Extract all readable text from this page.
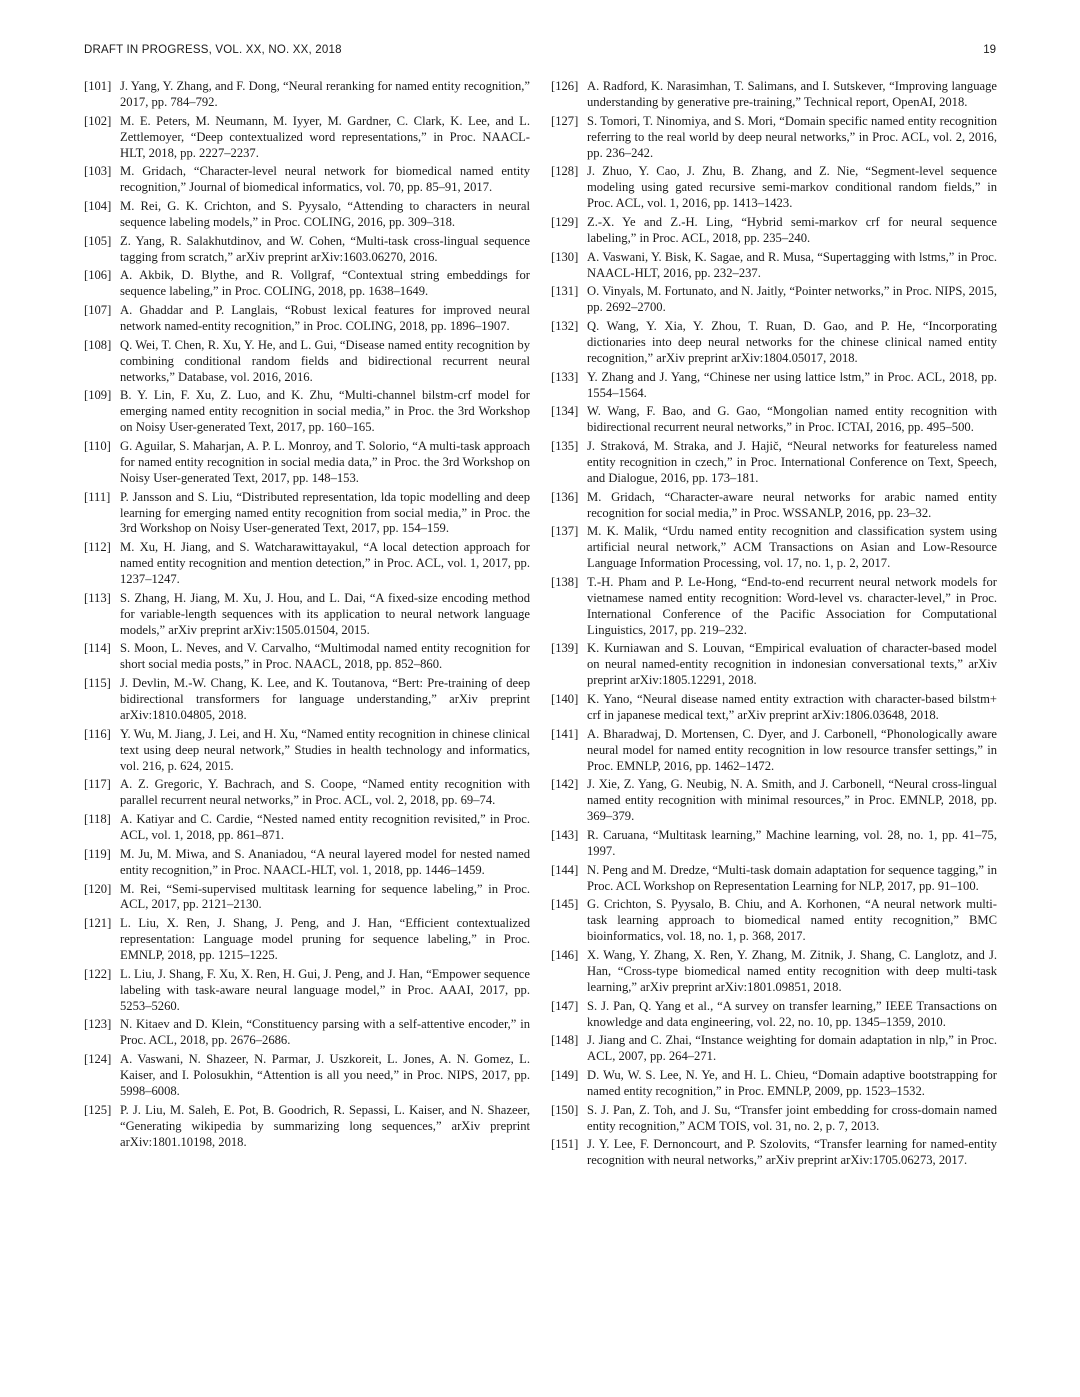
DRAFT IN PROGRESS, VOL. XX, NO. XX, 2018	19
[101] J. Yang, Y. Zhang, and F. Dong, “Neural reranking for named entity recognition,” 2017, pp. 784–792.
[102] M. E. Peters, M. Neumann, M. Iyyer, M. Gardner, C. Clark, K. Lee, and L. Zettlemoyer, “Deep contextualized word representations,” in Proc. NAACL-HLT, 2018, pp. 2227–2237.
[103] M. Gridach, “Character-level neural network for biomedical named entity recognition,” Journal of biomedical informatics, vol. 70, pp. 85–91, 2017.
[104] M. Rei, G. K. Crichton, and S. Pyysalo, “Attending to characters in neural sequence labeling models,” in Proc. COLING, 2016, pp. 309–318.
[105] Z. Yang, R. Salakhutdinov, and W. Cohen, “Multi-task cross-lingual sequence tagging from scratch,” arXiv preprint arXiv:1603.06270, 2016.
[106] A. Akbik, D. Blythe, and R. Vollgraf, “Contextual string embeddings for sequence labeling,” in Proc. COLING, 2018, pp. 1638–1649.
[107] A. Ghaddar and P. Langlais, “Robust lexical features for improved neural network named-entity recognition,” in Proc. COLING, 2018, pp. 1896–1907.
[108] Q. Wei, T. Chen, R. Xu, Y. He, and L. Gui, “Disease named entity recognition by combining conditional random fields and bidirectional recurrent neural networks,” Database, vol. 2016, 2016.
[109] B. Y. Lin, F. Xu, Z. Luo, and K. Zhu, “Multi-channel bilstm-crf model for emerging named entity recognition in social media,” in Proc. the 3rd Workshop on Noisy User-generated Text, 2017, pp. 160–165.
[110] G. Aguilar, S. Maharjan, A. P. L. Monroy, and T. Solorio, “A multi-task approach for named entity recognition in social media data,” in Proc. the 3rd Workshop on Noisy User-generated Text, 2017, pp. 148–153.
[111] P. Jansson and S. Liu, “Distributed representation, lda topic modelling and deep learning for emerging named entity recognition from social media,” in Proc. the 3rd Workshop on Noisy User-generated Text, 2017, pp. 154–159.
[112] M. Xu, H. Jiang, and S. Watcharawittayakul, “A local detection approach for named entity recognition and mention detection,” in Proc. ACL, vol. 1, 2017, pp. 1237–1247.
[113] S. Zhang, H. Jiang, M. Xu, J. Hou, and L. Dai, “A fixed-size encoding method for variable-length sequences with its application to neural network language models,” arXiv preprint arXiv:1505.01504, 2015.
[114] S. Moon, L. Neves, and V. Carvalho, “Multimodal named entity recognition for short social media posts,” in Proc. NAACL, 2018, pp. 852–860.
[115] J. Devlin, M.-W. Chang, K. Lee, and K. Toutanova, “Bert: Pre-training of deep bidirectional transformers for language understanding,” arXiv preprint arXiv:1810.04805, 2018.
[116] Y. Wu, M. Jiang, J. Lei, and H. Xu, “Named entity recognition in chinese clinical text using deep neural network,” Studies in health technology and informatics, vol. 216, p. 624, 2015.
[117] A. Z. Gregoric, Y. Bachrach, and S. Coope, “Named entity recognition with parallel recurrent neural networks,” in Proc. ACL, vol. 2, 2018, pp. 69–74.
[118] A. Katiyar and C. Cardie, “Nested named entity recognition revisited,” in Proc. ACL, vol. 1, 2018, pp. 861–871.
[119] M. Ju, M. Miwa, and S. Ananiadou, “A neural layered model for nested named entity recognition,” in Proc. NAACL-HLT, vol. 1, 2018, pp. 1446–1459.
[120] M. Rei, “Semi-supervised multitask learning for sequence labeling,” in Proc. ACL, 2017, pp. 2121–2130.
[121] L. Liu, X. Ren, J. Shang, J. Peng, and J. Han, “Efficient contextualized representation: Language model pruning for sequence labeling,” in Proc. EMNLP, 2018, pp. 1215–1225.
[122] L. Liu, J. Shang, F. Xu, X. Ren, H. Gui, J. Peng, and J. Han, “Empower sequence labeling with task-aware neural language model,” in Proc. AAAI, 2017, pp. 5253–5260.
[123] N. Kitaev and D. Klein, “Constituency parsing with a self-attentive encoder,” in Proc. ACL, 2018, pp. 2676–2686.
[124] A. Vaswani, N. Shazeer, N. Parmar, J. Uszkoreit, L. Jones, A. N. Gomez, L. Kaiser, and I. Polosukhin, “Attention is all you need,” in Proc. NIPS, 2017, pp. 5998–6008.
[125] P. J. Liu, M. Saleh, E. Pot, B. Goodrich, R. Sepassi, L. Kaiser, and N. Shazeer, “Generating wikipedia by summarizing long sequences,” arXiv preprint arXiv:1801.10198, 2018.
[126] A. Radford, K. Narasimhan, T. Salimans, and I. Sutskever, “Improving language understanding by generative pre-training,” Technical report, OpenAI, 2018.
[127] S. Tomori, T. Ninomiya, and S. Mori, “Domain specific named entity recognition referring to the real world by deep neural networks,” in Proc. ACL, vol. 2, 2016, pp. 236–242.
[128] J. Zhuo, Y. Cao, J. Zhu, B. Zhang, and Z. Nie, “Segment-level sequence modeling using gated recursive semi-markov conditional random fields,” in Proc. ACL, vol. 1, 2016, pp. 1413–1423.
[129] Z.-X. Ye and Z.-H. Ling, “Hybrid semi-markov crf for neural sequence labeling,” in Proc. ACL, 2018, pp. 235–240.
[130] A. Vaswani, Y. Bisk, K. Sagae, and R. Musa, “Supertagging with lstms,” in Proc. NAACL-HLT, 2016, pp. 232–237.
[131] O. Vinyals, M. Fortunato, and N. Jaitly, “Pointer networks,” in Proc. NIPS, 2015, pp. 2692–2700.
[132] Q. Wang, Y. Xia, Y. Zhou, T. Ruan, D. Gao, and P. He, “Incorporating dictionaries into deep neural networks for the chinese clinical named entity recognition,” arXiv preprint arXiv:1804.05017, 2018.
[133] Y. Zhang and J. Yang, “Chinese ner using lattice lstm,” in Proc. ACL, 2018, pp. 1554–1564.
[134] W. Wang, F. Bao, and G. Gao, “Mongolian named entity recognition with bidirectional recurrent neural networks,” in Proc. ICTAI, 2016, pp. 495–500.
[135] J. Straková, M. Straka, and J. Hajič, “Neural networks for featureless named entity recognition in czech,” in Proc. International Conference on Text, Speech, and Dialogue, 2016, pp. 173–181.
[136] M. Gridach, “Character-aware neural networks for arabic named entity recognition for social media,” in Proc. WSSANLP, 2016, pp. 23–32.
[137] M. K. Malik, “Urdu named entity recognition and classification system using artificial neural network,” ACM Transactions on Asian and Low-Resource Language Information Processing, vol. 17, no. 1, p. 2, 2017.
[138] T.-H. Pham and P. Le-Hong, “End-to-end recurrent neural network models for vietnamese named entity recognition: Word-level vs. character-level,” in Proc. International Conference of the Pacific Association for Computational Linguistics, 2017, pp. 219–232.
[139] K. Kurniawan and S. Louvan, “Empirical evaluation of character-based model on neural named-entity recognition in indonesian conversational texts,” arXiv preprint arXiv:1805.12291, 2018.
[140] K. Yano, “Neural disease named entity extraction with character-based bilstm+ crf in japanese medical text,” arXiv preprint arXiv:1806.03648, 2018.
[141] A. Bharadwaj, D. Mortensen, C. Dyer, and J. Carbonell, “Phonologically aware neural model for named entity recognition in low resource transfer settings,” in Proc. EMNLP, 2016, pp. 1462–1472.
[142] J. Xie, Z. Yang, G. Neubig, N. A. Smith, and J. Carbonell, “Neural cross-lingual named entity recognition with minimal resources,” in Proc. EMNLP, 2018, pp. 369–379.
[143] R. Caruana, “Multitask learning,” Machine learning, vol. 28, no. 1, pp. 41–75, 1997.
[144] N. Peng and M. Dredze, “Multi-task domain adaptation for sequence tagging,” in Proc. ACL Workshop on Representation Learning for NLP, 2017, pp. 91–100.
[145] G. Crichton, S. Pyysalo, B. Chiu, and A. Korhonen, “A neural network multi-task learning approach to biomedical named entity recognition,” BMC bioinformatics, vol. 18, no. 1, p. 368, 2017.
[146] X. Wang, Y. Zhang, X. Ren, Y. Zhang, M. Zitnik, J. Shang, C. Langlotz, and J. Han, “Cross-type biomedical named entity recognition with deep multi-task learning,” arXiv preprint arXiv:1801.09851, 2018.
[147] S. J. Pan, Q. Yang et al., “A survey on transfer learning,” IEEE Transactions on knowledge and data engineering, vol. 22, no. 10, pp. 1345–1359, 2010.
[148] J. Jiang and C. Zhai, “Instance weighting for domain adaptation in nlp,” in Proc. ACL, 2007, pp. 264–271.
[149] D. Wu, W. S. Lee, N. Ye, and H. L. Chieu, “Domain adaptive bootstrapping for named entity recognition,” in Proc. EMNLP, 2009, pp. 1523–1532.
[150] S. J. Pan, Z. Toh, and J. Su, “Transfer joint embedding for cross-domain named entity recognition,” ACM TOIS, vol. 31, no. 2, p. 7, 2013.
[151] J. Y. Lee, F. Dernoncourt, and P. Szolovits, “Transfer learning for named-entity recognition with neural networks,” arXiv preprint arXiv:1705.06273, 2017.
